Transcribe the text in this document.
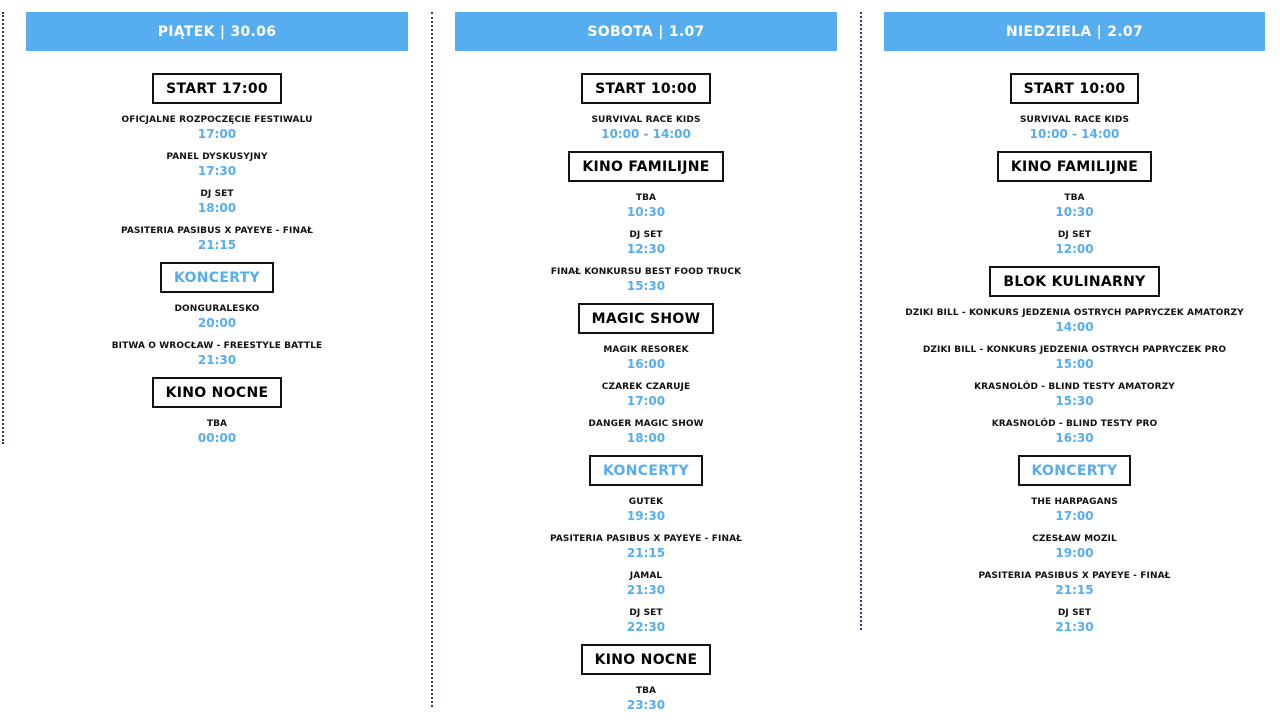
PIĄTEK | 30.06
START 17:00
OFICJALNE ROZPOCZĘCIE FESTIWALU
17:00
PANEL DYSKUSYJNY
17:30
DJ SET
18:00
PASITERIA PASIBUS X PAYEYE - FINAŁ
21:15
KONCERTY
DONGURALESKO
20:00
BITWA O WROCŁAW - FREESTYLE BATTLE
21:30
KINO NOCNE
TBA
00:00
SOBOTA | 1.07
START 10:00
SURVIVAL RACE KIDS
10:00 - 14:00
KINO FAMILIJNE
TBA
10:30
DJ SET
12:30
FINAŁ KONKURSU BEST FOOD TRUCK
15:30
MAGIC SHOW
MAGIK RESOREK
16:00
CZAREK CZARUJE
17:00
DANGER MAGIC SHOW
18:00
KONCERTY
GUTEK
19:30
PASITERIA PASIBUS X PAYEYE - FINAŁ
21:15
JAMAL
21:30
DJ SET
22:30
KINO NOCNE
TBA
23:30
NIEDZIELA | 2.07
START 10:00
SURVIVAL RACE KIDS
10:00 - 14:00
KINO FAMILIJNE
TBA
10:30
DJ SET
12:00
BLOK KULINARNY
DZIKI BILL - KONKURS JEDZENIA OSTRYCH PAPRYCZEK AMATORZY
14:00
DZIKI BILL - KONKURS JEDZENIA OSTRYCH PAPRYCZEK PRO
15:00
KRASNOLÓD - BLIND TESTY AMATORZY
15:30
KRASNOLÓD - BLIND TESTY PRO
16:30
KONCERTY
THE HARPAGANS
17:00
CZESŁAW MOZIL
19:00
PASITERIA PASIBUS X PAYEYE - FINAŁ
21:15
DJ SET
21:30
